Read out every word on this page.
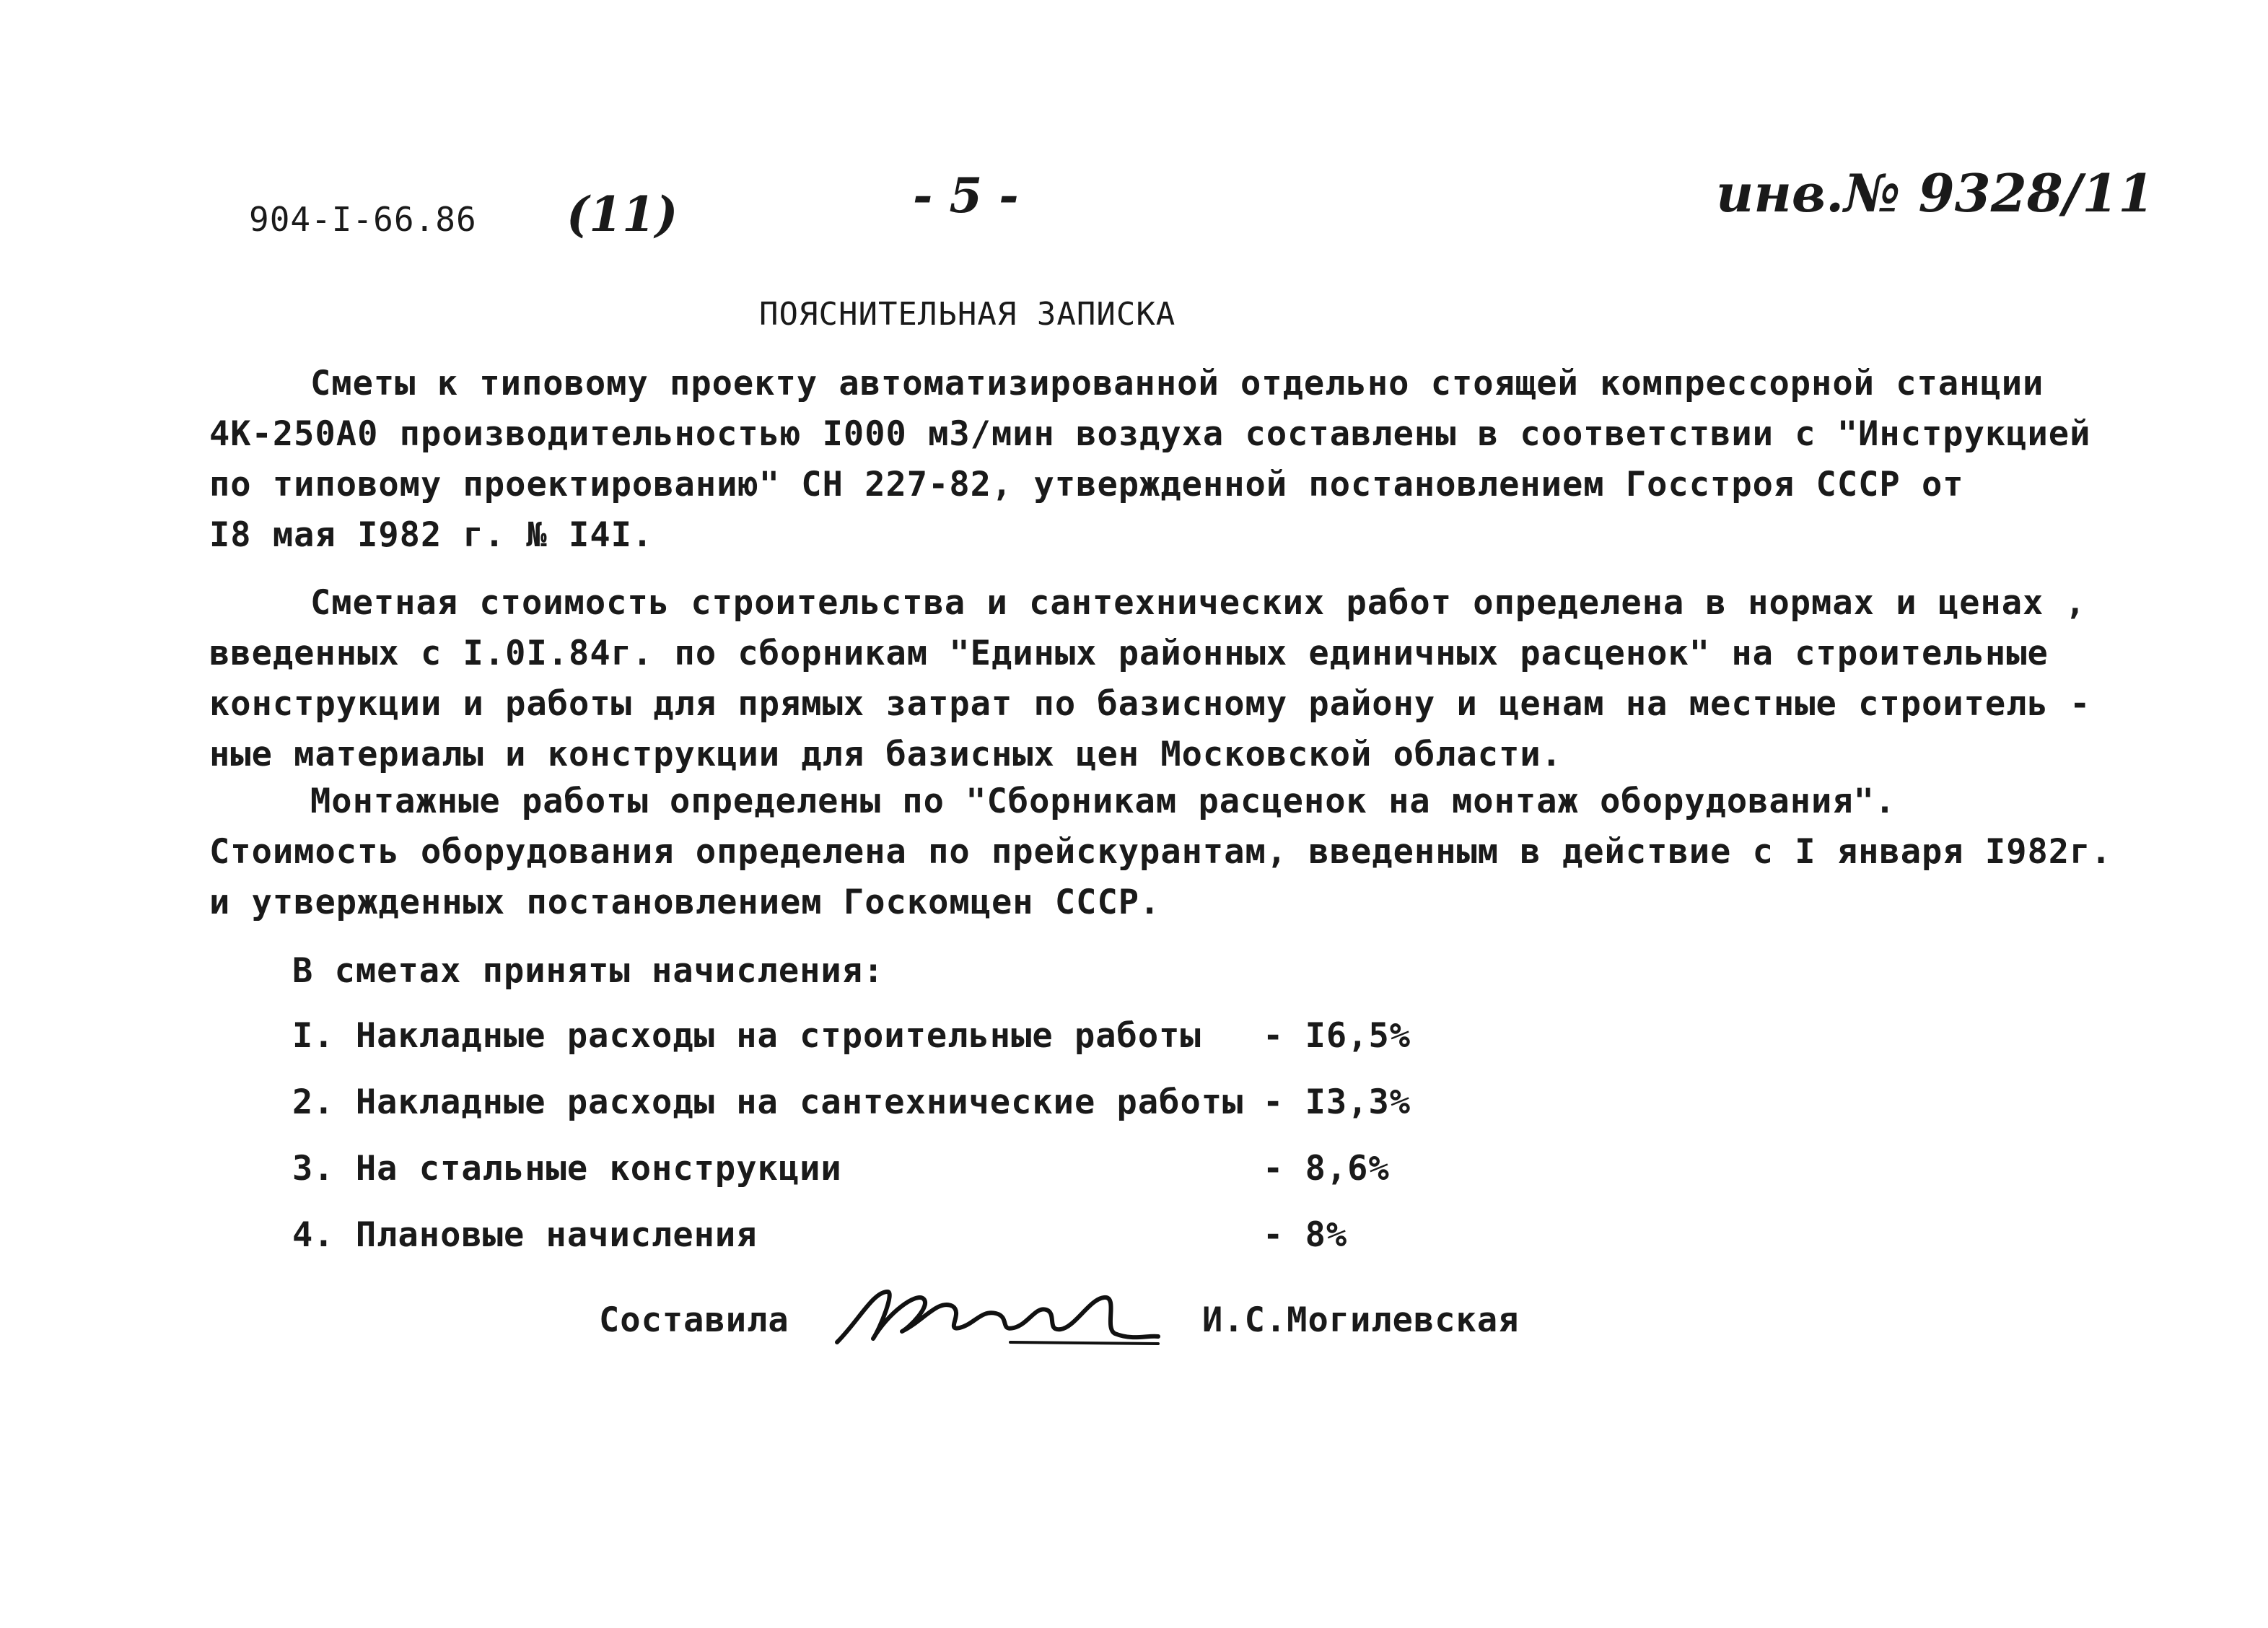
904-I-66.86 (11)	- 5 -	инв.№ 9328/11
ПОЯСНИТЕЛЬНАЯ ЗАПИСКА
Сметы к типовому проекту автоматизированной отдельно стоящей компрессорной станции
4К-250А0 производительностью I000 м3/мин воздуха составлены в соответствии с "Инструкцией
по типовому проектированию" СН 227-82, утвержденной постановлением Госстроя СССР от
I8 мая I982 г. № I4I.
Сметная стоимость строительства и сантехнических работ определена в нормах и ценах ,
введенных с I.0I.84г. по сборникам "Единых районных единичных расценок" на строительные
конструкции и работы для прямых затрат по базисному району и ценам на местные строитель -
ные материалы и конструкции для базисных цен Московской области.
Монтажные работы определены по "Сборникам расценок на монтаж оборудования".
Стоимость оборудования определена по прейскурантам, введенным в действие с I января I982г.
и утвержденных постановлением Госкомцен СССР.
В сметах приняты начисления:
I. Накладные расходы на строительные работы - I6,5%
2. Накладные расходы на сантехнические работы - I3,3%
3. На стальные конструкции	- 8,6%
4. Плановые начисления	- 8%
Составила	И.С.Могилевская
